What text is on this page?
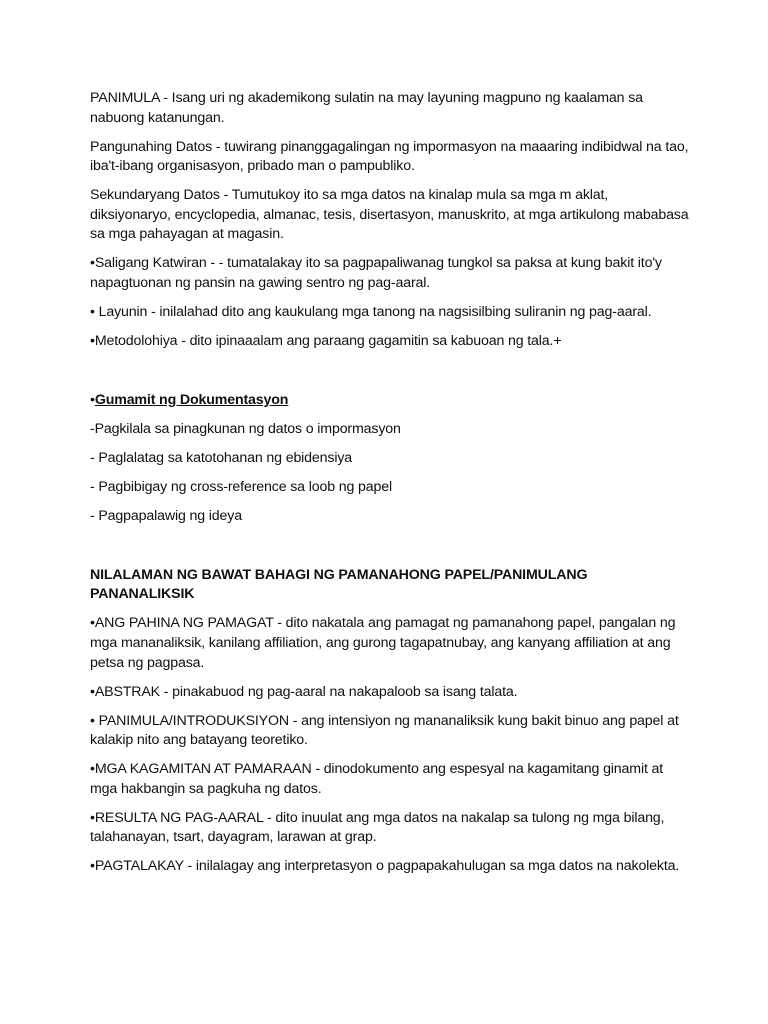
PANIMULA - Isang uri ng akademikong sulatin na may layuning magpuno ng kaalaman sa nabuong katanungan.

Pangunahing Datos - tuwirang pinanggagalingan ng impormasyon na maaaring indibidwal na tao, iba't-ibang organisasyon, pribado man o pampubliko.

Sekundaryang Datos - Tumutukoy ito sa mga datos na kinalap mula sa mga m aklat, diksiyonaryo, encyclopedia, almanac, tesis, disertasyon, manuskrito, at mga artikulong mababasa sa mga pahayagan at magasin.

•Saligang Katwiran - - tumatalakay ito sa pagpapaliwanag tungkol sa paksa at kung bakit ito'y napagtuonan ng pansin na gawing sentro ng pag-aaral.

• Layunin - inilalahad dito ang kaukulang mga tanong na nagsisilbing suliranin ng pag-aaral.

•Metodolohiya - dito ipinaaalam ang paraang gagamitin sa kabuoan ng tala.+

•Gumamit ng Dokumentasyon

-Pagkilala sa pinagkunan ng datos o impormasyon

- Paglalatag sa katotohanan ng ebidensiya

- Pagbibigay ng cross-reference sa loob ng papel

- Pagpapalawig ng ideya

NILALAMAN NG BAWAT BAHAGI NG PAMANAHONG PAPEL/PANIMULANG PANANALIKSIK

•ANG PAHINA NG PAMAGAT - dito nakatala ang pamagat ng pamanahong papel, pangalan ng mga mananaliksik, kanilang affiliation, ang gurong tagapatnubay, ang kanyang affiliation at ang petsa ng pagpasa.

•ABSTRAK - pinakabuod ng pag-aaral na nakapaloob sa isang talata.

• PANIMULA/INTRODUKSIYON - ang intensiyon ng mananaliksik kung bakit binuo ang papel at kalakip nito ang batayang teoretiko.

•MGA KAGAMITAN AT PAMARAAN - dinodokumento ang espesyal na kagamitang ginamit at mga hakbangin sa pagkuha ng datos.

•RESULTA NG PAG-AARAL - dito inuulat ang mga datos na nakalap sa tulong ng mga bilang, talahanayan, tsart, dayagram, larawan at grap.

•PAGTALAKAY - inilalagay ang interpretasyon o pagpapakahulugan sa mga datos na nakolekta.
